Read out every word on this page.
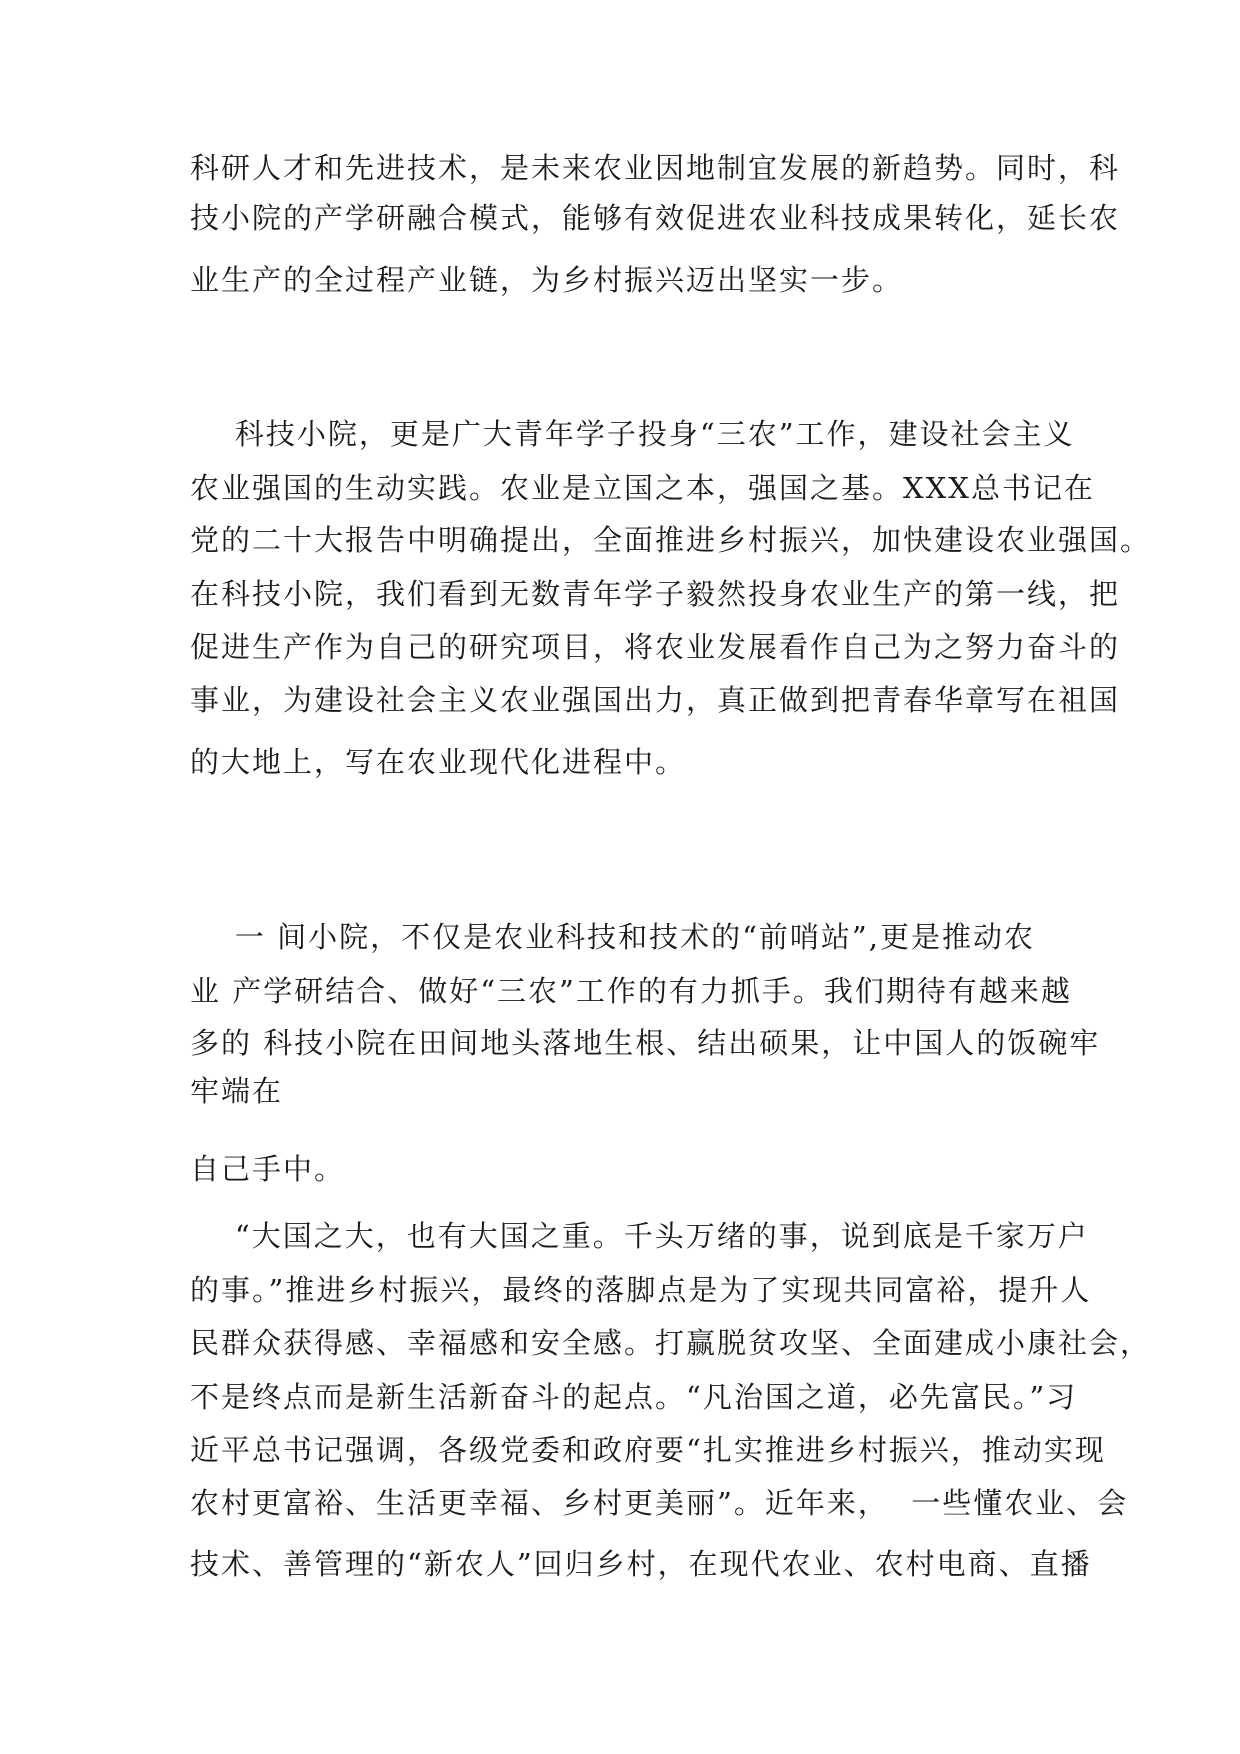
科研人才和先进技术，是未来农业因地制宜发展的新趋势。同时，科
技小院的产学研融合模式，能够有效促进农业科技成果转化，延长农
业生产的全过程产业链，为乡村振兴迈出坚实一步。
科技小院，更是广大青年学子投身“三农”工作，建设社会主义
农业强国的生动实践。农业是立国之本，强国之基。XXX总书记在
党的二十大报告中明确提出，全面推进乡村振兴，加快建设农业强国。
在科技小院，我们看到无数青年学子毅然投身农业生产的第一线，把
促进生产作为自己的研究项目，将农业发展看作自己为之努力奋斗的
事业，为建设社会主义农业强国出力，真正做到把青春华章写在祖国
的大地上，写在农业现代化进程中。
一 间小院，不仅是农业科技和技术的“前哨站”,更是推动农
业 产学研结合、做好“三农”工作的有力抓手。我们期待有越来越
多的 科技小院在田间地头落地生根、结出硕果，让中国人的饭碗牢
牢端在
自己手中。
“大国之大，也有大国之重。千头万绪的事，说到底是千家万户
的事。”推进乡村振兴，最终的落脚点是为了实现共同富裕，提升人
民群众获得感、幸福感和安全感。打赢脱贫攻坚、全面建成小康社会，
不是终点而是新生活新奋斗的起点。“凡治国之道，必先富民。”习
近平总书记强调，各级党委和政府要“扎实推进乡村振兴，推动实现
农村更富裕、生活更幸福、乡村更美丽”。近年来，  一些懂农业、会
技术、善管理的“新农人”回归乡村，在现代农业、农村电商、直播
